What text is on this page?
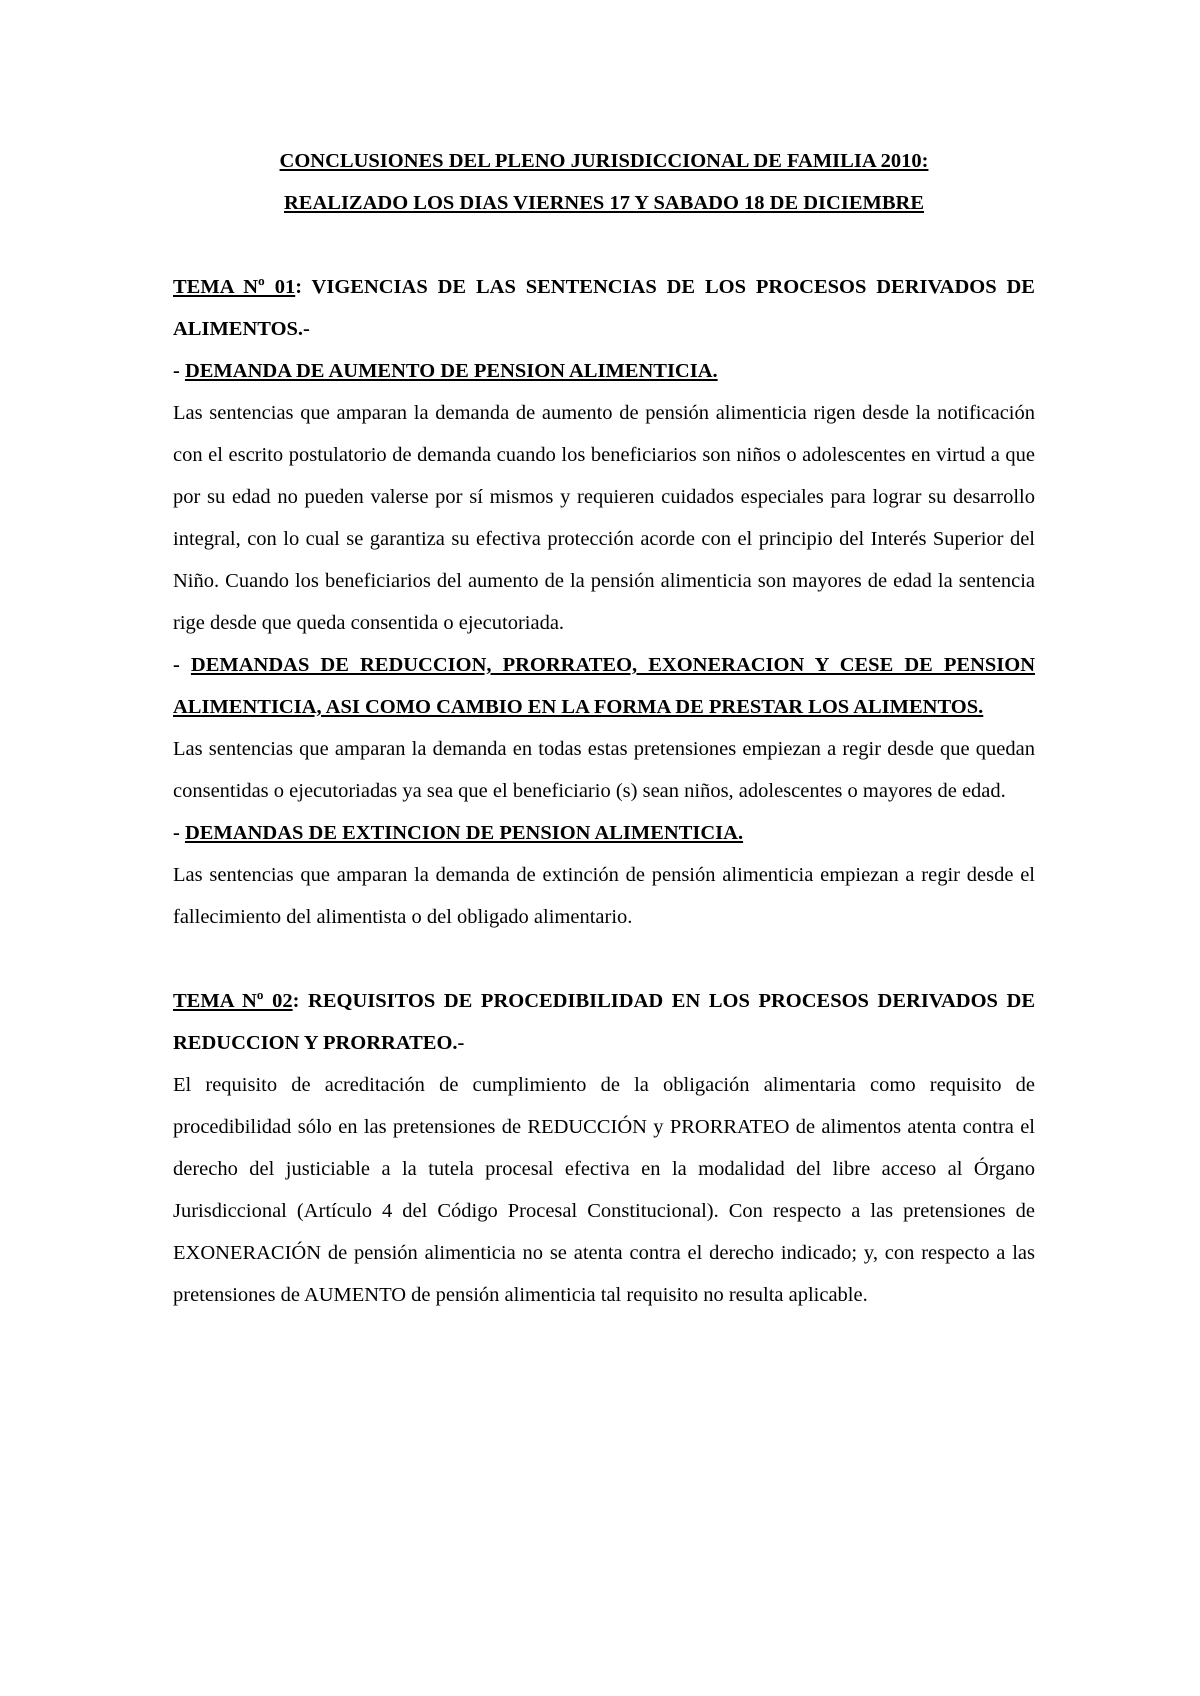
CONCLUSIONES DEL PLENO JURISDICCIONAL DE FAMILIA 2010:
REALIZADO LOS DIAS VIERNES 17 Y SABADO 18 DE DICIEMBRE

TEMA Nº 01: VIGENCIAS DE LAS SENTENCIAS DE LOS PROCESOS DERIVADOS DE ALIMENTOS.-

- DEMANDA DE AUMENTO DE PENSION ALIMENTICIA.

Las sentencias que amparan la demanda de aumento de pensión alimenticia rigen desde la notificación con el escrito postulatorio de demanda cuando los beneficiarios son niños o adolescentes en virtud a que por su edad no pueden valerse por sí mismos y requieren cuidados especiales para lograr su desarrollo integral, con lo cual se garantiza su efectiva protección acorde con el principio del Interés Superior del Niño. Cuando los beneficiarios del aumento de la pensión alimenticia son mayores de edad la sentencia rige desde que queda consentida o ejecutoriada.

- DEMANDAS DE REDUCCION, PRORRATEO, EXONERACION Y CESE DE PENSION ALIMENTICIA, ASI COMO CAMBIO EN LA FORMA DE PRESTAR LOS ALIMENTOS.

Las sentencias que amparan la demanda en todas estas pretensiones empiezan a regir desde que quedan consentidas o ejecutoriadas ya sea que el beneficiario (s) sean niños, adolescentes o mayores de edad.

- DEMANDAS DE EXTINCION DE PENSION ALIMENTICIA.

Las sentencias que amparan la demanda de extinción de pensión alimenticia empiezan a regir desde el fallecimiento del alimentista o del obligado alimentario.

TEMA Nº 02: REQUISITOS DE PROCEDIBILIDAD EN LOS PROCESOS DERIVADOS DE REDUCCION Y PRORRATEO.-

El requisito de acreditación de cumplimiento de la obligación alimentaria como requisito de procedibilidad sólo en las pretensiones de REDUCCIÓN y PRORRATEO de alimentos atenta contra el derecho del justiciable a la tutela procesal efectiva en la modalidad del libre acceso al Órgano Jurisdiccional (Artículo 4 del Código Procesal Constitucional). Con respecto a las pretensiones de EXONERACIÓN de pensión alimenticia no se atenta contra el derecho indicado; y, con respecto a las pretensiones de AUMENTO de pensión alimenticia tal requisito no resulta aplicable.
